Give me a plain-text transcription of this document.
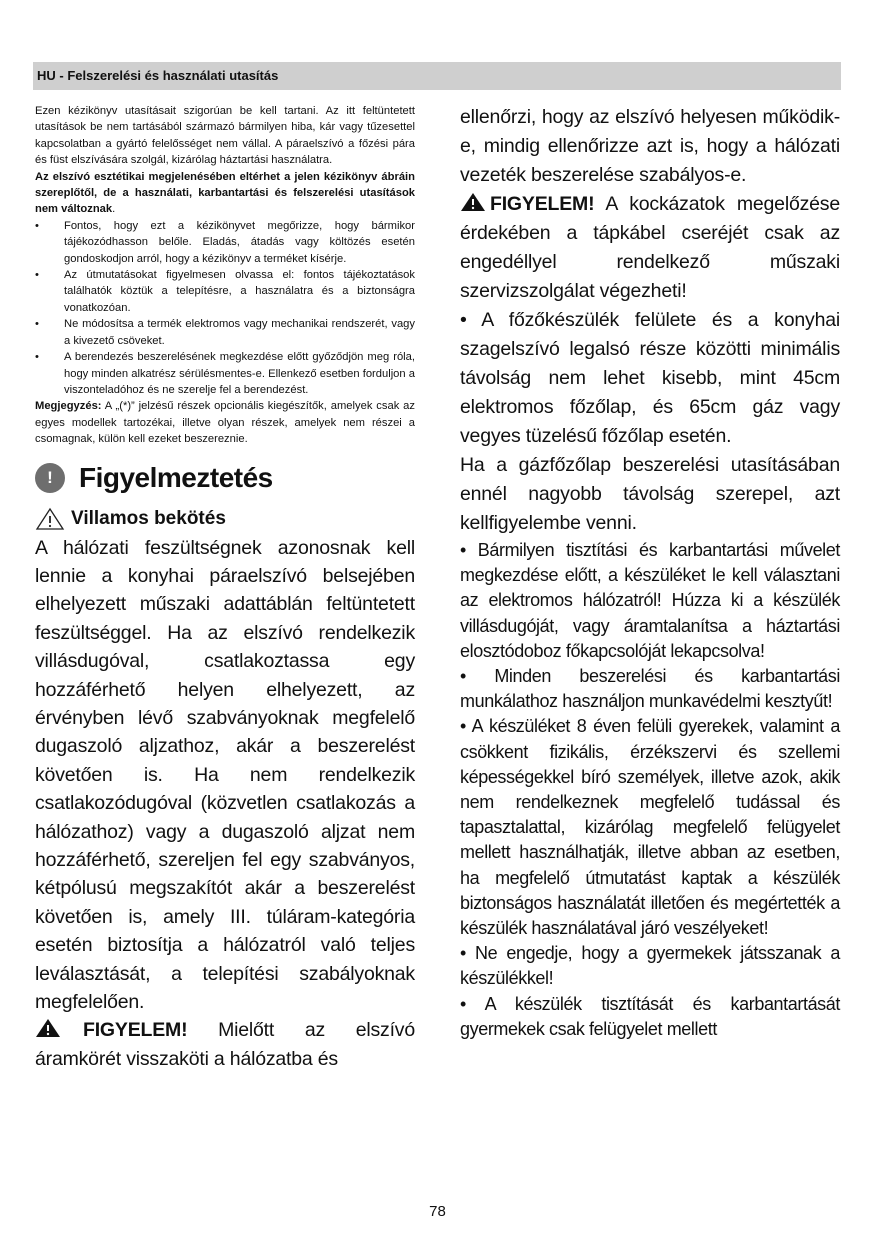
HU - Felszerelési és használati utasítás

Ezen kézikönyv utasításait szigorúan be kell tartani. Az itt feltüntetett utasítások be nem tartásából származó bármilyen hiba, kár vagy tűzesettel kapcsolatban a gyártó felelősséget nem vállal. A páraelszívó a főzési pára és füst elszívására szolgál, kizárólag háztartási használatra.

Az elszívó esztétikai megjelenésében eltérhet a jelen kézikönyv ábráin szereplőtől, de a használati, karbantartási és felszerelési utasítások nem változnak.

• Fontos, hogy ezt a kézikönyvet megőrizze, hogy bármikor tájékozódhasson belőle. Eladás, átadás vagy költözés esetén gondoskodjon arról, hogy a kézikönyv a terméket kísérje.
• Az útmutatásokat figyelmesen olvassa el: fontos tájékoztatások találhatók köztük a telepítésre, a használatra és a biztonságra vonatkozóan.
• Ne módosítsa a termék elektromos vagy mechanikai rendszerét, vagy a kivezető csöveket.
• A berendezés beszerelésének megkezdése előtt győződjön meg róla, hogy minden alkatrész sérülésmentes-e. Ellenkező esetben forduljon a viszonteladóhoz és ne szerelje fel a berendezést.

Megjegyzés: A „(*)” jelzésű részek opcionális kiegészítők, amelyek csak az egyes modellek tartozékai, illetve olyan részek, amelyek nem részei a csomagnak, külön kell ezeket beszereznie.

! Figyelmeztetés
Villamos bekötés

A hálózati feszültségnek azonosnak kell lennie a konyhai páraelszívó belsejében elhelyezett műszaki adattáblán feltüntetett feszültséggel. Ha az elszívó rendelkezik villásdugóval, csatlakoztassa egy hozzáférhető helyen elhelyezett, az érvényben lévő szabványoknak megfelelő dugaszoló aljzathoz, akár a beszerelést követően is. Ha nem rendelkezik csatlakozódugóval (közvetlen csatlakozás a hálózathoz) vagy a dugaszoló aljzat nem hozzáférhető, szereljen fel egy szabványos, kétpólusú megszakítót akár a beszerelést követően is, amely III. túláram-kategória esetén biztosítja a hálózatról való teljes leválasztását, a telepítési szabályoknak megfelelően.

FIGYELEM! Mielőtt az elszívó áramkörét visszaköti a hálózatba és

ellenőrzi, hogy az elszívó helyesen működik-e, mindig ellenőrizze azt is, hogy a hálózati vezeték beszerelése szabályos-e.

FIGYELEM! A kockázatok megelőzése érdekében a tápkábel cseréjét csak az engedéllyel rendelkező műszaki szervizszolgálat végezheti!

• A főzőkészülék felülete és a konyhai szagelszívó legalsó része közötti minimális távolság nem lehet kisebb, mint 45cm elektromos főzőlap, és 65cm gáz vagy vegyes tüzelésű főzőlap esetén.

Ha a gázfőzőlap beszerelési utasításában ennél nagyobb távolság szerepel, azt kellfigyelembe venni.

• Bármilyen tisztítási és karbantartási művelet megkezdése előtt, a készüléket le kell választani az elektromos hálózatról! Húzza ki a készülék villásdugóját, vagy áramtalanítsa a háztartási elosztódoboz főkapcsolóját lekapcsolva!

• Minden beszerelési és karbantartási munkálathoz használjon munkavédelmi kesztyűt!

• A készüléket 8 éven felüli gyerekek, valamint a csökkent fizikális, érzékszervi és szellemi képességekkel bíró személyek, illetve azok, akik nem rendelkeznek megfelelő tudással és tapasztalattal, kizárólag megfelelő felügyelet mellett használhatják, illetve abban az esetben, ha megfelelő útmutatást kaptak a készülék biztonságos használatát illetően és megértették a készülék használatával járó veszélyeket!

• Ne engedje, hogy a gyermekek játsszanak a készülékkel!

• A készülék tisztítását és karbantartását gyermekek csak felügyelet mellett

78
